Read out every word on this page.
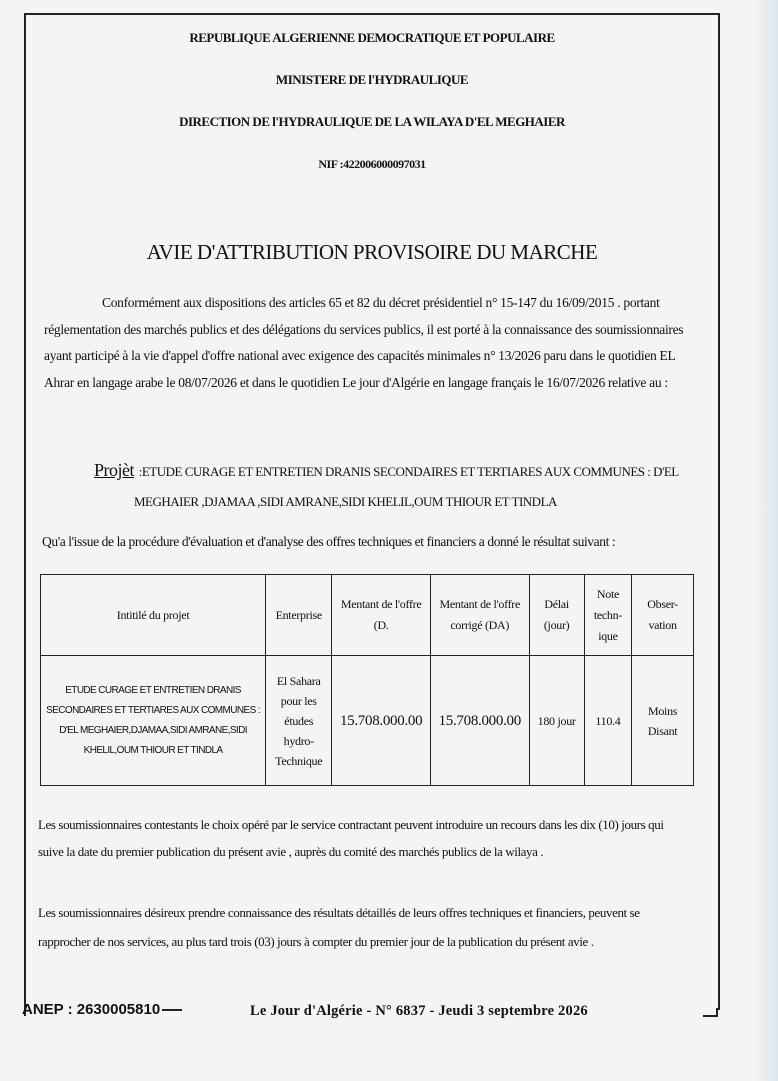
REPUBLIQUE ALGERIENNE DEMOCRATIQUE ET POPULAIRE
MINISTERE DE l'HYDRAULIQUE
DIRECTION DE l'HYDRAULIQUE DE LA WILAYA D'EL MEGHAIER
NIF :422006000097031
AVIE D'ATTRIBUTION PROVISOIRE DU MARCHE
Conformément aux dispositions des articles 65 et 82 du décret présidentiel n° 15-147 du 16/09/2015 . portant réglementation des marchés publics et des délégations du services publics, il est porté à la connaissance des soumissionnaires ayant participé à la vie d'appel d'offre national avec exigence des capacités minimales n° 13/2026 paru dans le quotidien EL Ahrar en langage arabe le 08/07/2026 et dans le quotidien Le jour d'Algérie en langage français le 16/07/2026 relative au :
Projèt :ETUDE CURAGE ET ENTRETIEN DRANIS SECONDAIRES ET TERTIARES AUX COMMUNES : D'EL
MEGHAIER ,DJAMAA ,SIDI AMRANE,SIDI KHELIL,OUM THIOUR ET TINDLA
Qu'a l'issue de la procédure d'évaluation et d'analyse des offres techniques et financiers a donné le résultat suivant :
Intitilé du projet	Enterprise	Mentant de l'offre (D.	Mentant de l'offre corrigé (DA)	Délai (jour)	Note techn-ique	Obser-vation
ETUDE CURAGE ET ENTRETIEN DRANIS SECONDAIRES ET TERTIARES AUX COMMUNES : D'EL MEGHAIER,DJAMAA,SIDI AMRANE,SIDI KHELIL,OUM THIOUR ET TINDLA	El Sahara pour les études hydro-Technique	15.708.000.00	15.708.000.00	180 jour	110.4	Moins Disant
Les soumissionnaires contestants le choix opéré par le service contractant peuvent introduire un recours dans les dix (10) jours qui suive la date du premier publication du présent avie , auprès du comité des marchés publics de la wilaya .
Les soumissionnaires désireux prendre connaissance des résultats détaillés de leurs offres techniques et financiers, peuvent se rapprocher de nos services, au plus tard trois (03) jours à compter du premier jour de la publication du présent avie .
ANEP : 2630005810	Le Jour d'Algérie - N° 6837 - Jeudi 3 septembre 2026
